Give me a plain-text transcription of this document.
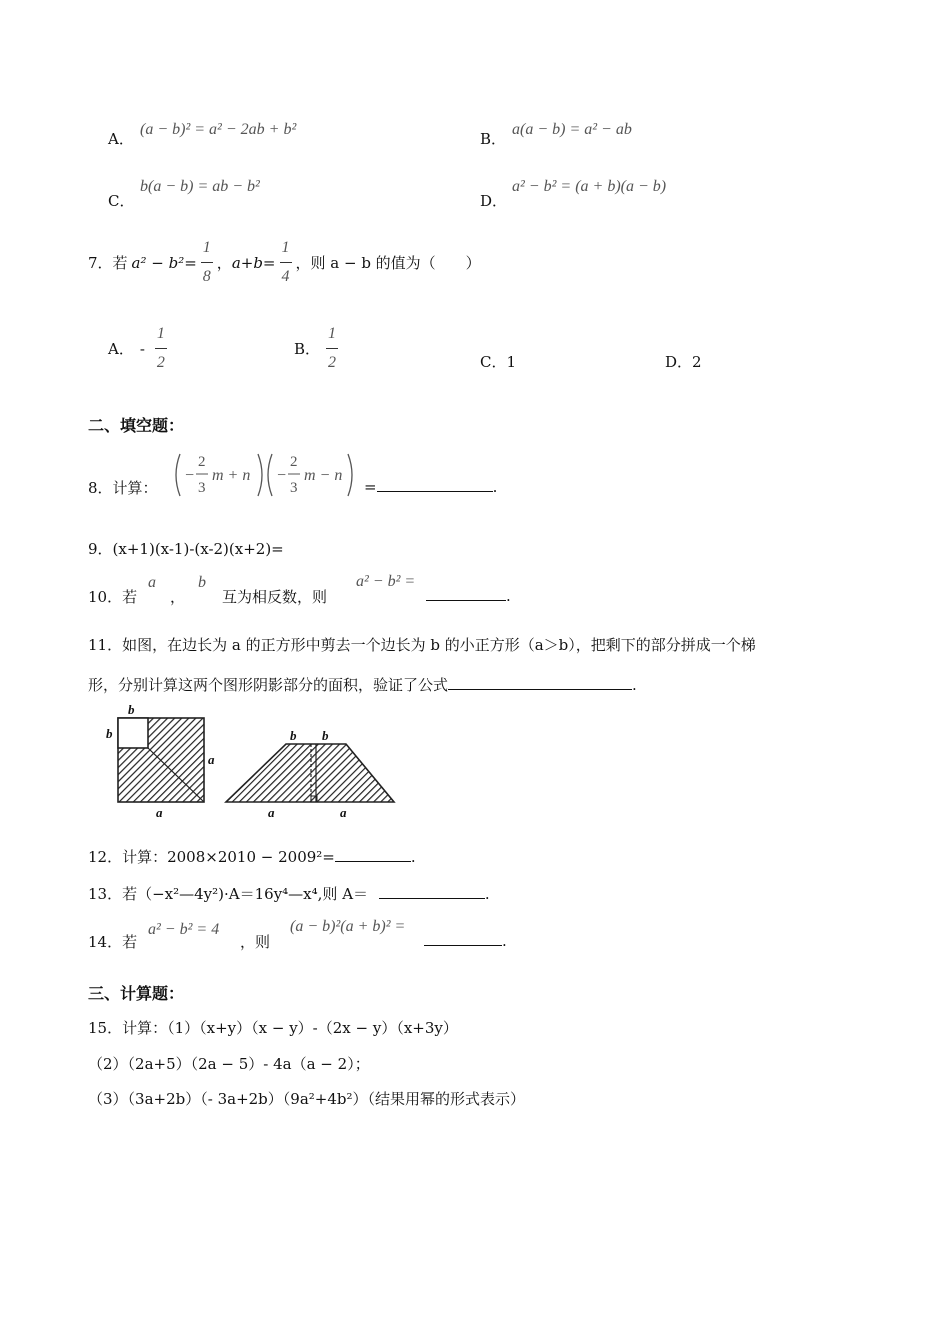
A．
(a − b)² = a² − 2ab + b²
B．
a(a − b) = a² − ab
C．
b(a − b) = ab − b²
D．
a² − b² = (a + b)(a − b)
7．若 $a^2 - b^2= \frac{1}{8}$ ， $a+b= \frac{1}{4}$ ，则 a − b 的值为（　　）
A． - $\frac{1}{2}$	B． $\frac{1}{2}$	C．1	D．2
二、填空题：
8．计算：
−
2
3
m + n −
2
3
m − n
=	.
9．(x+1)(x-1)-(x-2)(x+2)=
10．若
a
，
b
互为相反数，则
a² − b² =
.
11．如图，在边长为 a 的正方形中剪去一个边长为 b 的小正方形（a＞b），把剩下的部分拼成一个梯
形，分别计算这两个图形阴影部分的面积，验证了公式	.
b
b
a
a
b b
a	a
12．计算：2008×2010 − 2009²=	.
13．若（−x²—4y²)·A＝16y⁴—x⁴,则 A＝	.
14．若
a² − b² = 4
，则
(a − b)²(a + b)² =
.
三、计算题：
15．计算：（1）（x+y）（x − y）-（2x − y）（x+3y）
（2）（2a+5）（2a − 5）- 4a（a − 2）；
（3）（3a+2b）（- 3a+2b）（9a²+4b²）（结果用幂的形式表示）
